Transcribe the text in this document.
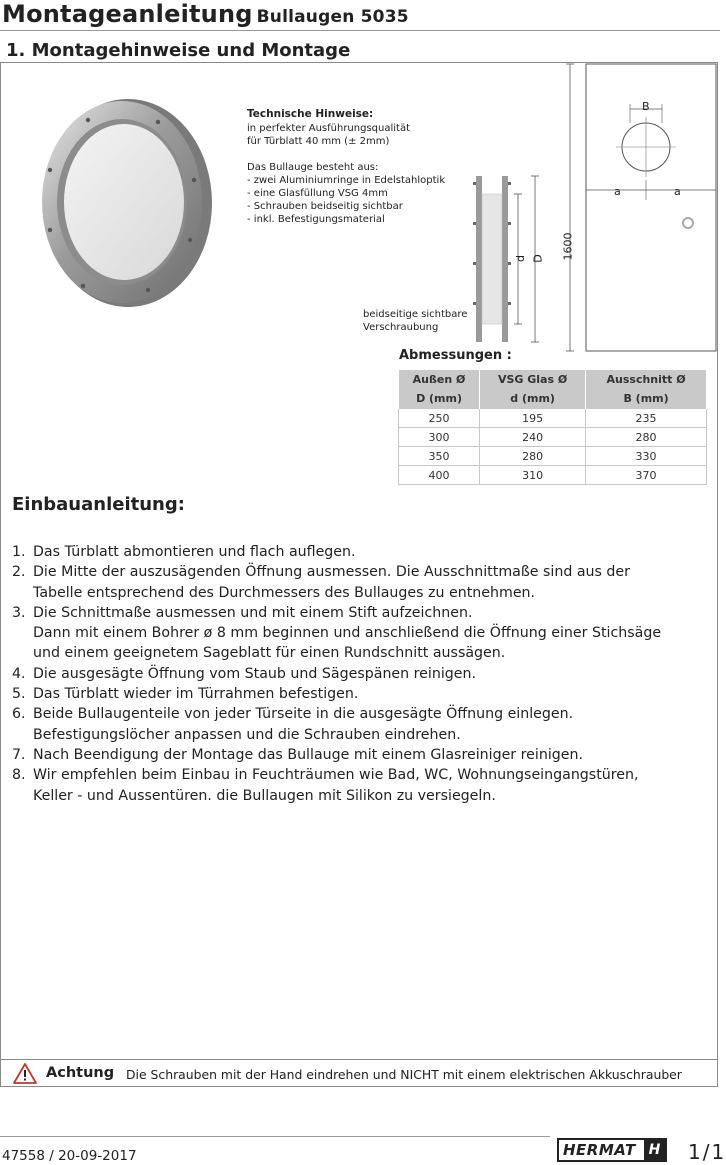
Montageanleitung Bullaugen 5035
1. Montagehinweise und Montage
Technische Hinweise:
in perfekter Ausführungsqualität
für Türblatt 40 mm (± 2mm)
Das Bullauge besteht aus:
- zwei Aluminiumringe in Edelstahloptik
- eine Glasfüllung VSG 4mm
- Schrauben beidseitig sichtbar
- inkl. Befestigungsmaterial
d D
B
a	a
1600
beidseitige sichtbare
Verschraubung
Abmessungen :
Außen Ø	VSG Glas Ø	Ausschnitt Ø
D (mm)	d (mm)	B (mm)
250	195	235
300	240	280
350	280	330
400	310	370
Einbauanleitung:
1. Das Türblatt abmontieren und flach auflegen.
2. Die Mitte der auszusägenden Öffnung ausmessen. Die Ausschnittmaße sind aus der
Tabelle entsprechend des Durchmessers des Bullauges zu entnehmen.
3. Die Schnittmaße ausmessen und mit einem Stift aufzeichnen.
Dann mit einem Bohrer ø 8 mm beginnen und anschließend die Öffnung einer Stichsäge
und einem geeignetem Sageblatt für einen Rundschnitt aussägen.
4. Die ausgesägte Öffnung vom Staub und Sägespänen reinigen.
5. Das Türblatt wieder im Türrahmen befestigen.
6. Beide Bullaugenteile von jeder Türseite in die ausgesägte Öffnung einlegen.
Befestigungslöcher anpassen und die Schrauben eindrehen.
7. Nach Beendigung der Montage das Bullauge mit einem Glasreiniger reinigen.
8. Wir empfehlen beim Einbau in Feuchträumen wie Bad, WC, Wohnungseingangstüren,
Keller - und Aussentüren. die Bullaugen mit Silikon zu versiegeln.
Achtung Die Schrauben mit der Hand eindrehen und NICHT mit einem elektrischen Akkuschrauber
47558 / 20-09-2017	HERMAT H 1/1
